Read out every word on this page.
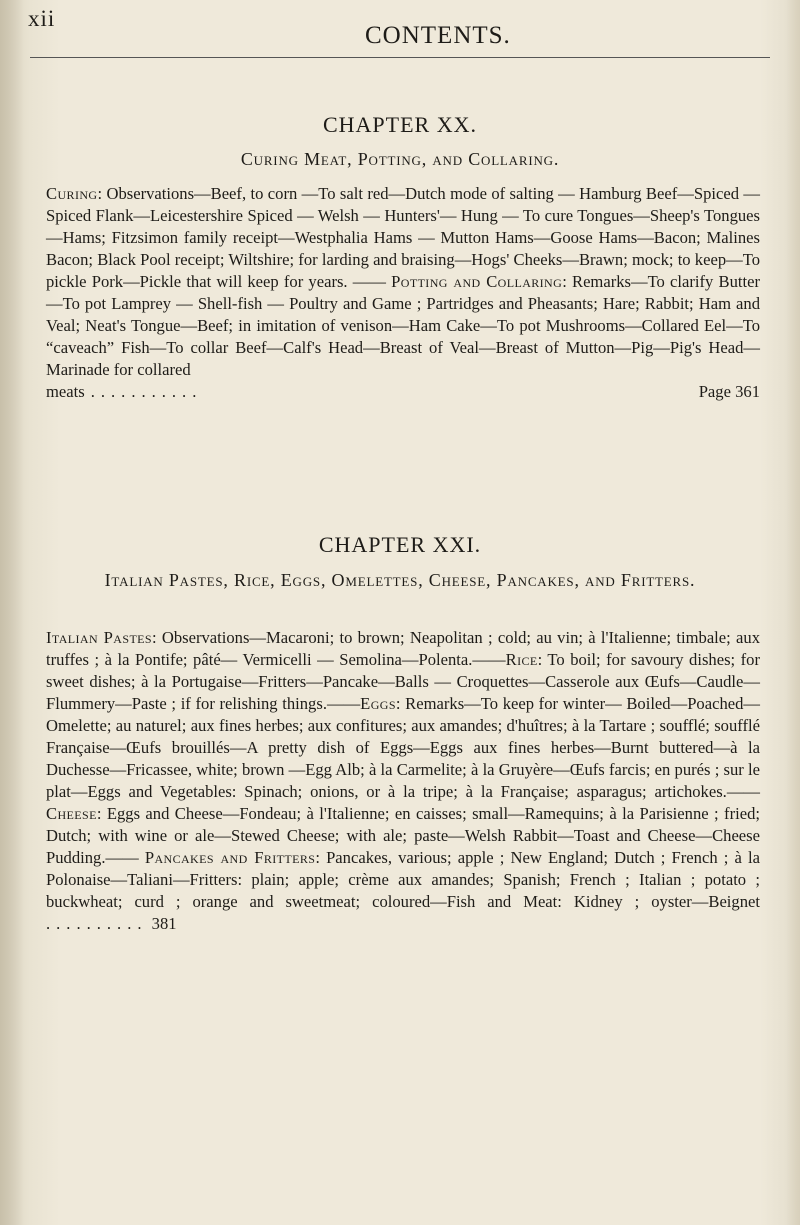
xii
CONTENTS.
CHAPTER XX.
Curing Meat, Potting, and Collaring.
Curing: Observations—Beef, to corn —To salt red—Dutch mode of salting — Hamburg Beef—Spiced — Spiced Flank—Leicestershire Spiced — Welsh — Hunters'— Hung — To cure Tongues—Sheep's Tongues—Hams; Fitzsimon family receipt—Westphalia Hams — Mutton Hams—Goose Hams—Bacon; Malines Bacon; Black Pool receipt; Wiltshire; for larding and braising—Hogs' Cheeks—Brawn; mock; to keep—To pickle Pork—Pickle that will keep for years. —— Potting and Collaring: Remarks—To clarify Butter—To pot Lamprey — Shell-fish — Poultry and Game ; Partridges and Pheasants; Hare; Rabbit; Ham and Veal; Neat's Tongue—Beef; in imitation of venison—Ham Cake—To pot Mushrooms—Collared Eel—To “caveach” Fish—To collar Beef—Calf's Head—Breast of Veal—Breast of Mutton—Pig—Pig's Head—Marinade for collared
meats ...........	Page 361
CHAPTER XXI.
Italian Pastes, Rice, Eggs, Omelettes, Cheese, Pancakes, and Fritters.
Italian Pastes: Observations—Macaroni; to brown; Neapolitan ; cold; au vin; à l'Italienne; timbale; aux truffes ; à la Pontife; pâté— Vermicelli — Semolina—Polenta.——Rice: To boil; for savoury dishes; for sweet dishes; à la Portugaise—Fritters—Pancake—Balls — Croquettes—Casserole aux Œufs—Caudle—Flummery—Paste ; if for relishing things.——Eggs: Remarks—To keep for winter— Boiled—Poached—Omelette; au naturel; aux fines herbes; aux confitures; aux amandes; d'huîtres; à la Tartare ; soufflé; soufflé Française—Œufs brouillés—A pretty dish of Eggs—Eggs aux fines herbes—Burnt buttered—à la Duchesse—Fricassee, white; brown —Egg Alb; à la Carmelite; à la Gruyère—Œufs farcis; en purés ; sur le plat—Eggs and Vegetables: Spinach; onions, or à la tripe; à la Française; asparagus; artichokes.——Cheese: Eggs and Cheese—Fondeau; à l'Italienne; en caisses; small—Ramequins; à la Parisienne ; fried; Dutch; with wine or ale—Stewed Cheese; with ale; paste—Welsh Rabbit—Toast and Cheese—Cheese Pudding.—— Pancakes and Fritters: Pancakes, various; apple ; New England; Dutch ; French ; à la Polonaise—Taliani—Fritters: plain; apple; crème aux amandes; Spanish; French ; Italian ; potato ; buckwheat; curd ; orange and sweetmeat; coloured—Fish and Meat: Kidney ; oyster—Beignet .......... 381
